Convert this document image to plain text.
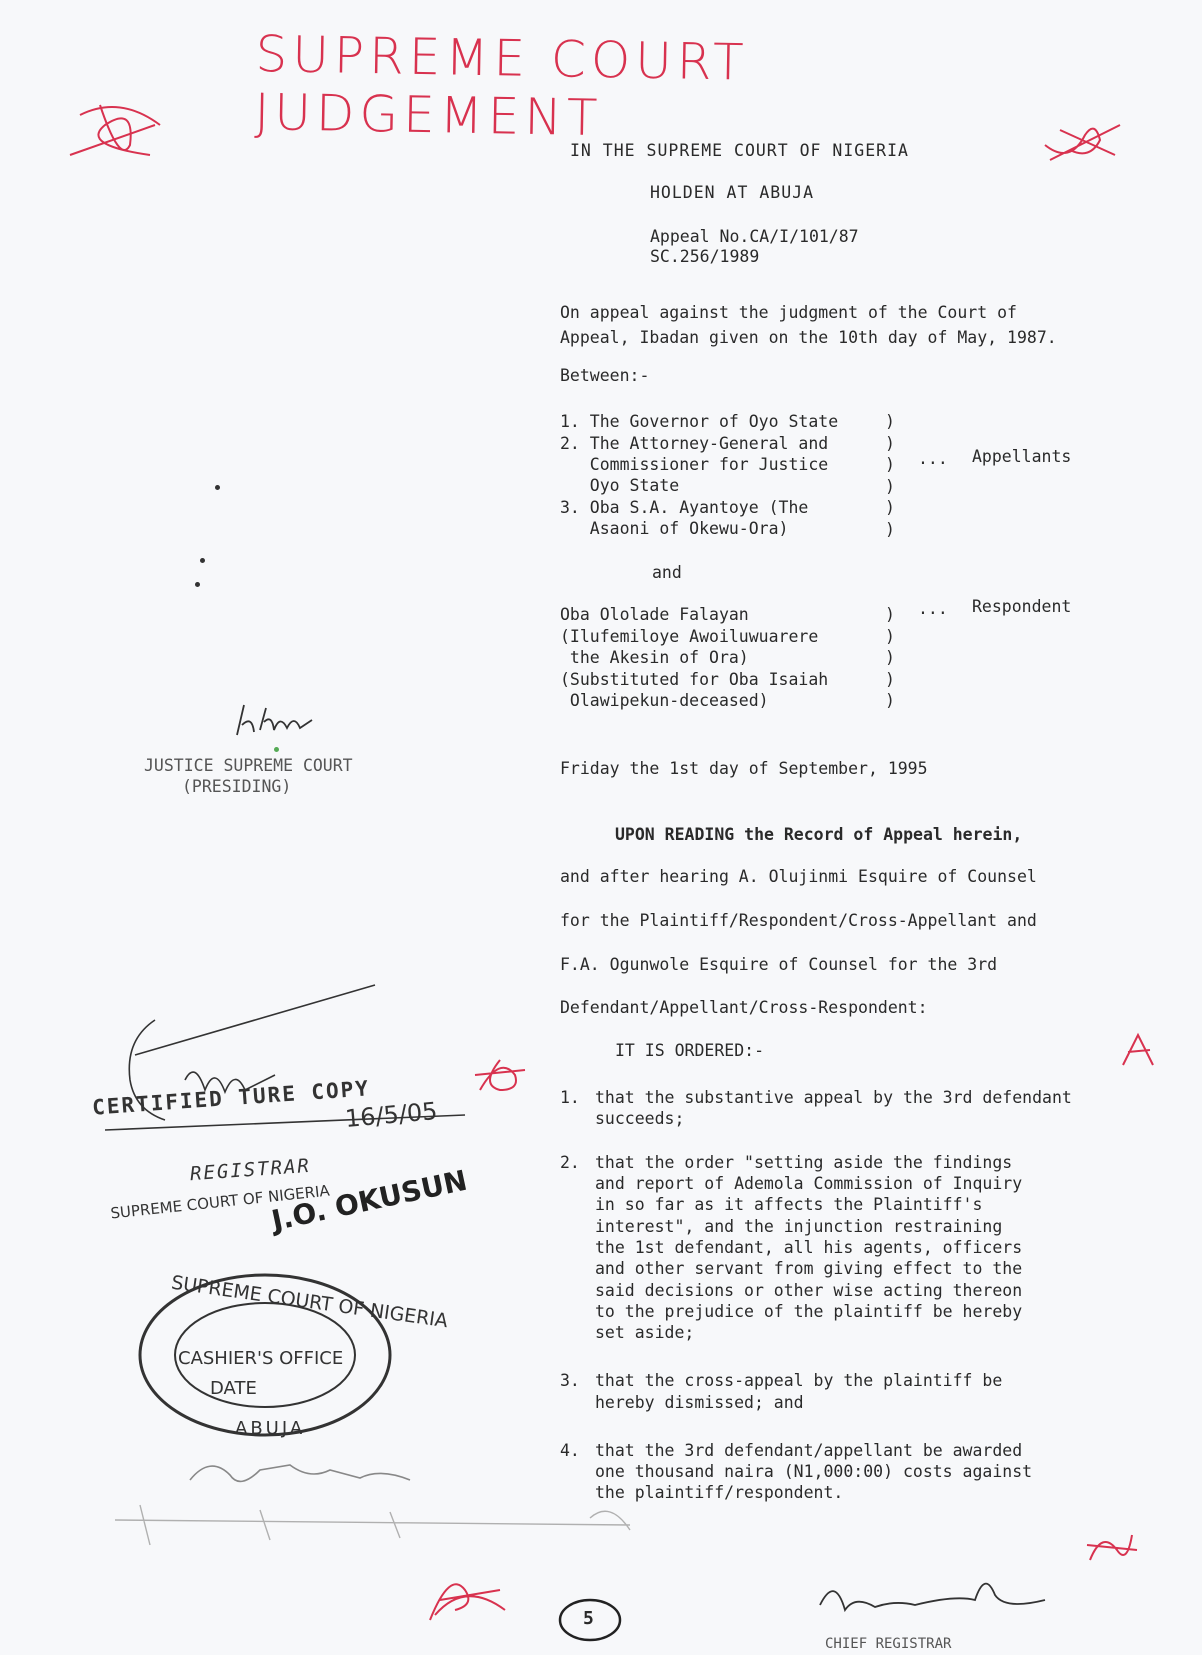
SUPREME COURT JUDGEMENT
IN THE SUPREME COURT OF NIGERIA
HOLDEN AT ABUJA
Appeal No.CA/I/101/87
SC.256/1989
On appeal against the judgment of the Court of
Appeal, Ibadan given on the 10th day of May, 1987.
Between:-
1. The Governor of Oyo State
2. The Attorney-General and
Commissioner for Justice
Oyo State
3. Oba S.A. Ayantoye (The
Asaoni of Okewu-Ora)
)
)
)
)
)
)
... Appellants
and
Oba Ololade Falayan
(Ilufemiloye Awoiluwuarere
the Akesin of Ora)
(Substituted for Oba Isaiah
Olawipekun-deceased)
)
)
)
)
)
... Respondent
JUSTICE SUPREME COURT
(PRESIDING)
Friday the 1st day of September, 1995
UPON READING the Record of Appeal herein,
and after hearing A. Olujinmi Esquire of Counsel
for the Plaintiff/Respondent/Cross-Appellant and
F.A. Ogunwole Esquire of Counsel for the 3rd
Defendant/Appellant/Cross-Respondent:
IT IS ORDERED:-
1. that the substantive appeal by the 3rd defendant
succeeds;
2. that the order "setting aside the findings
and report of Ademola Commission of Inquiry
in so far as it affects the Plaintiff's
interest", and the injunction restraining
the 1st defendant, all his agents, officers
and other servant from giving effect to the
said decisions or other wise acting thereon
to the prejudice of the plaintiff be hereby
set aside;
3. that the cross-appeal by the plaintiff be
hereby dismissed; and
4. that the 3rd defendant/appellant be awarded
one thousand naira (N1,000:00) costs against
the plaintiff/respondent.
CERTIFIED TURE COPY
16/5/05
REGISTRAR
SUPREME COURT OF NIGERIA
J.O. OKUSUN
SUPREME COURT OF NIGERIA
CASHIER'S OFFICE
DATE
ABUJA
5
CHIEF REGISTRAR
